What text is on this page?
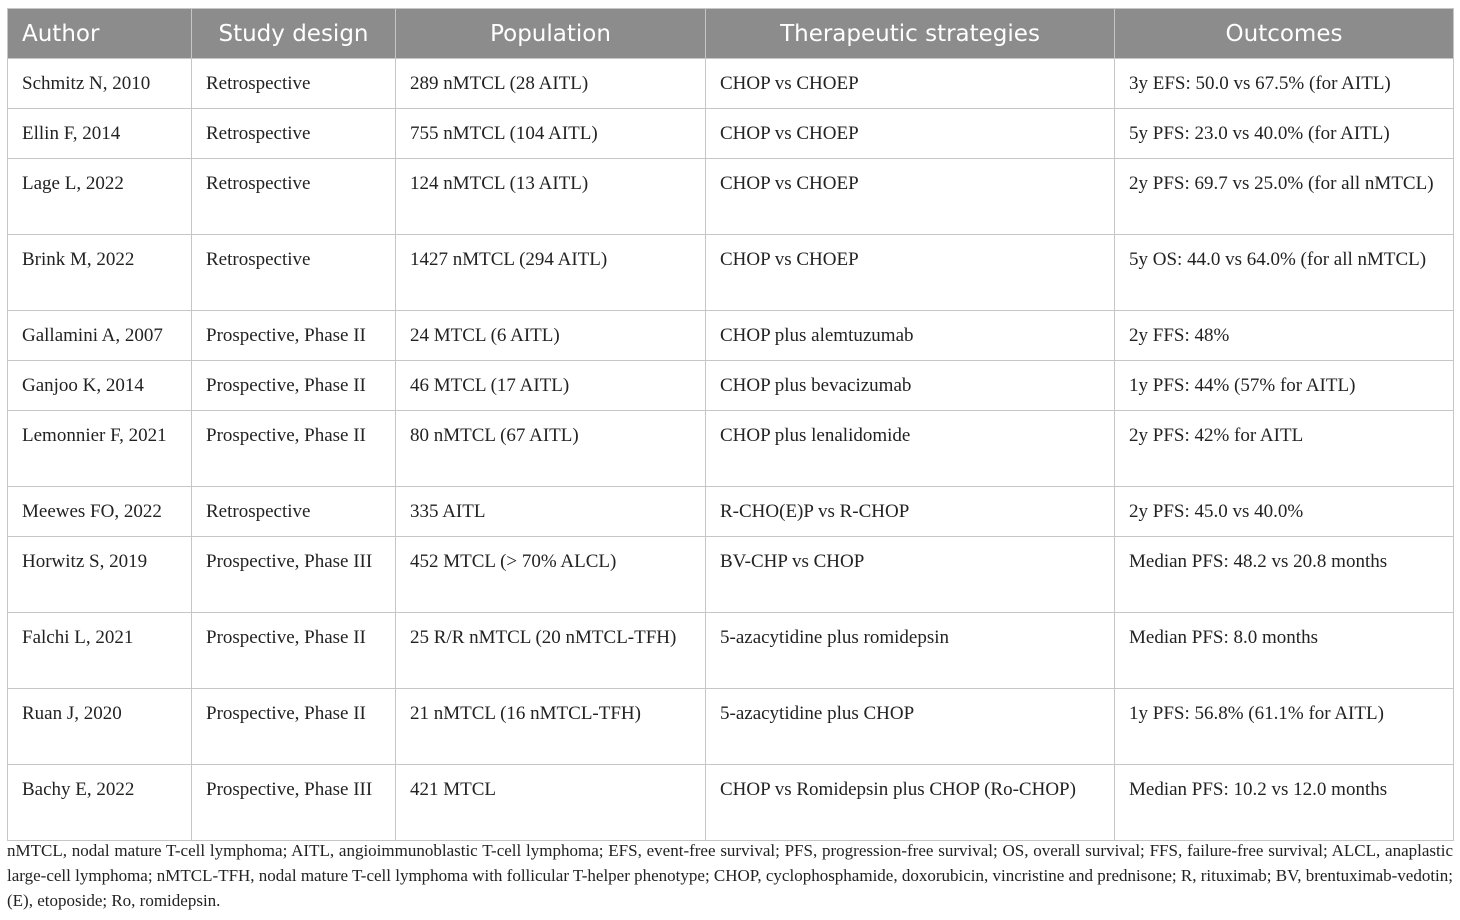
Author	Study design	Population	Therapeutic strategies	Outcomes
Schmitz N, 2010	Retrospective	289 nMTCL (28 AITL)	CHOP vs CHOEP	3y EFS: 50.0 vs 67.5% (for AITL)
Ellin F, 2014	Retrospective	755 nMTCL (104 AITL)	CHOP vs CHOEP	5y PFS: 23.0 vs 40.0% (for AITL)
Lage L, 2022	Retrospective	124 nMTCL (13 AITL)	CHOP vs CHOEP	2y PFS: 69.7 vs 25.0% (for all nMTCL)
Brink M, 2022	Retrospective	1427 nMTCL (294 AITL)	CHOP vs CHOEP	5y OS: 44.0 vs 64.0% (for all nMTCL)
Gallamini A, 2007	Prospective, Phase II	24 MTCL (6 AITL)	CHOP plus alemtuzumab	2y FFS: 48%
Ganjoo K, 2014	Prospective, Phase II	46 MTCL (17 AITL)	CHOP plus bevacizumab	1y PFS: 44% (57% for AITL)
Lemonnier F, 2021	Prospective, Phase II	80 nMTCL (67 AITL)	CHOP plus lenalidomide	2y PFS: 42% for AITL
Meewes FO, 2022	Retrospective	335 AITL	R-CHO(E)P vs R-CHOP	2y PFS: 45.0 vs 40.0%
Horwitz S, 2019	Prospective, Phase III	452 MTCL (> 70% ALCL)	BV-CHP vs CHOP	Median PFS: 48.2 vs 20.8 months
Falchi L, 2021	Prospective, Phase II	25 R/R nMTCL (20 nMTCL-TFH)	5-azacytidine plus romidepsin	Median PFS: 8.0 months
Ruan J, 2020	Prospective, Phase II	21 nMTCL (16 nMTCL-TFH)	5-azacytidine plus CHOP	1y PFS: 56.8% (61.1% for AITL)
Bachy E, 2022	Prospective, Phase III	421 MTCL	CHOP vs Romidepsin plus CHOP (Ro-CHOP)	Median PFS: 10.2 vs 12.0 months
nMTCL, nodal mature T-cell lymphoma; AITL, angioimmunoblastic T-cell lymphoma; EFS, event-free survival; PFS, progression-free survival; OS, overall survival; FFS, failure-free survival; ALCL, anaplastic large-cell lymphoma; nMTCL-TFH, nodal mature T-cell lymphoma with follicular T-helper phenotype; CHOP, cyclophosphamide, doxorubicin, vincristine and prednisone; R, rituximab; BV, brentuximab-vedotin; (E), etoposide; Ro, romidepsin.
